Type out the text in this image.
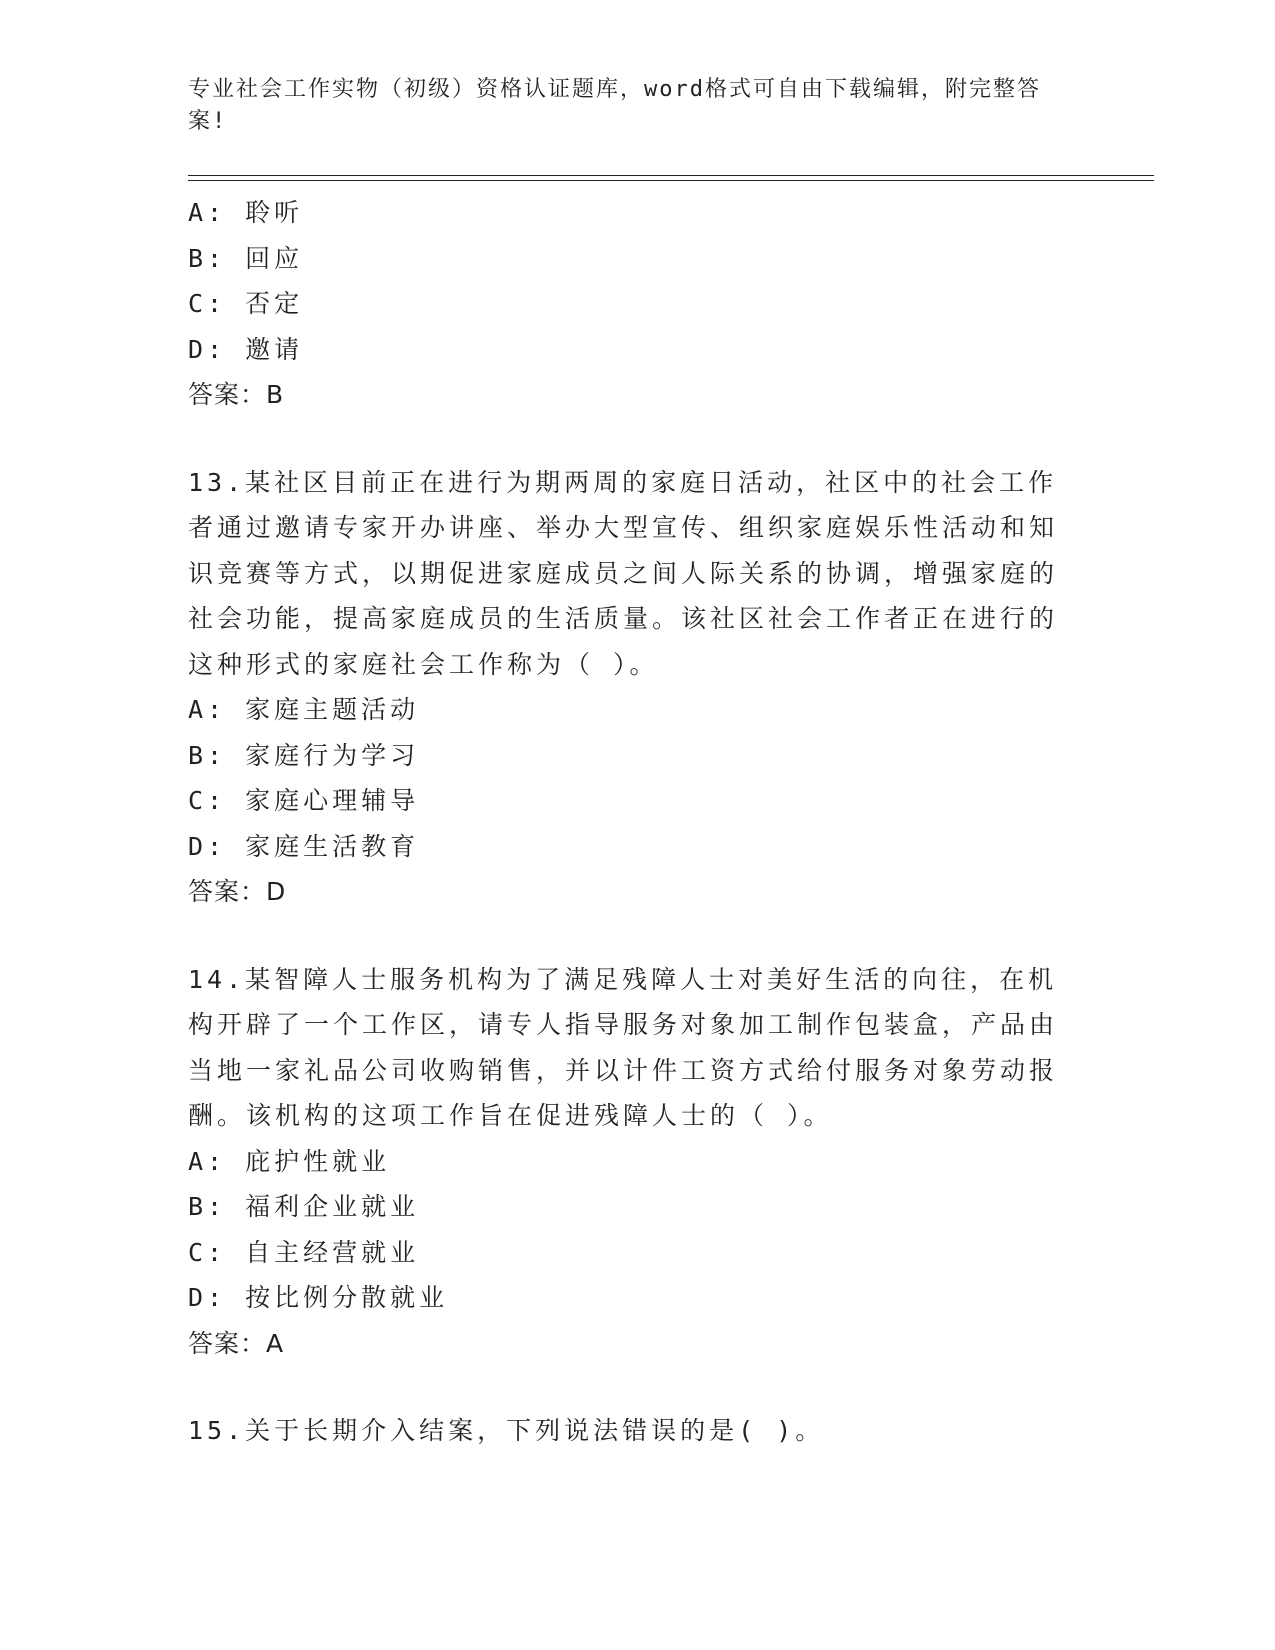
专业社会工作实物（初级）资格认证题库，word格式可自由下载编辑，附完整答案!
A: 聆听
B: 回应
C: 否定
D: 邀请
答案：B
13.某社区目前正在进行为期两周的家庭日活动，社区中的社会工作者通过邀请专家开办讲座、举办大型宣传、组织家庭娱乐性活动和知识竞赛等方式，以期促进家庭成员之间人际关系的协调，增强家庭的社会功能，提高家庭成员的生活质量。该社区社会工作者正在进行的这种形式的家庭社会工作称为（ ）。
A: 家庭主题活动
B: 家庭行为学习
C: 家庭心理辅导
D: 家庭生活教育
答案：D
14.某智障人士服务机构为了满足残障人士对美好生活的向往，在机构开辟了一个工作区，请专人指导服务对象加工制作包装盒，产品由当地一家礼品公司收购销售，并以计件工资方式给付服务对象劳动报酬。该机构的这项工作旨在促进残障人士的（ ）。
A: 庇护性就业
B: 福利企业就业
C: 自主经营就业
D: 按比例分散就业
答案：A
15.关于长期介入结案，下列说法错误的是( )。
